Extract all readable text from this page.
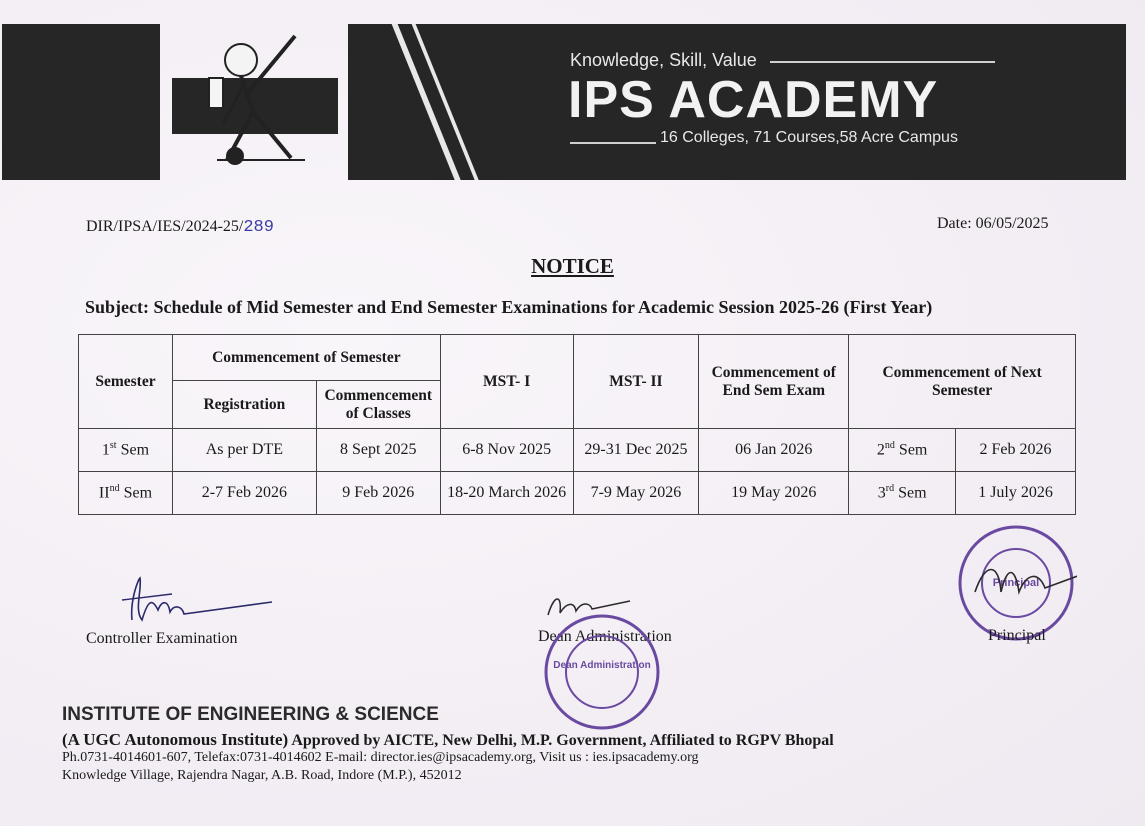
Knowledge, Skill, Value
IPS ACADEMY
16 Colleges, 71 Courses,58 Acre Campus
DIR/IPSA/IES/2024-25/289	Date: 06/05/2025
NOTICE
Subject: Schedule of Mid Semester and End Semester Examinations for Academic Session 2025-26 (First Year)
Semester	Commencement of Semester		MST- I	MST- II	Commencement of End Sem Exam	Commencement of Next Semester	
	Registration	Commencement of Classes					
1st Sem	As per DTE	8 Sept 2025	6-8 Nov 2025	29-31 Dec 2025	06 Jan 2026	2nd Sem	2 Feb 2026
IInd Sem	2-7 Feb 2026	9 Feb 2026	18-20 March 2026	7-9 May 2026	19 May 2026	3rd Sem	1 July 2026
Controller Examination	Dean Administration
Dean Administration
Principal
Principal
INSTITUTE OF ENGINEERING & SCIENCE
(A UGC Autonomous Institute) Approved by AICTE, New Delhi, M.P. Government, Affiliated to RGPV Bhopal
Ph.0731-4014601-607, Telefax:0731-4014602 E-mail: director.ies@ipsacademy.org, Visit us : ies.ipsacademy.org
Knowledge Village, Rajendra Nagar, A.B. Road, Indore (M.P.), 452012
